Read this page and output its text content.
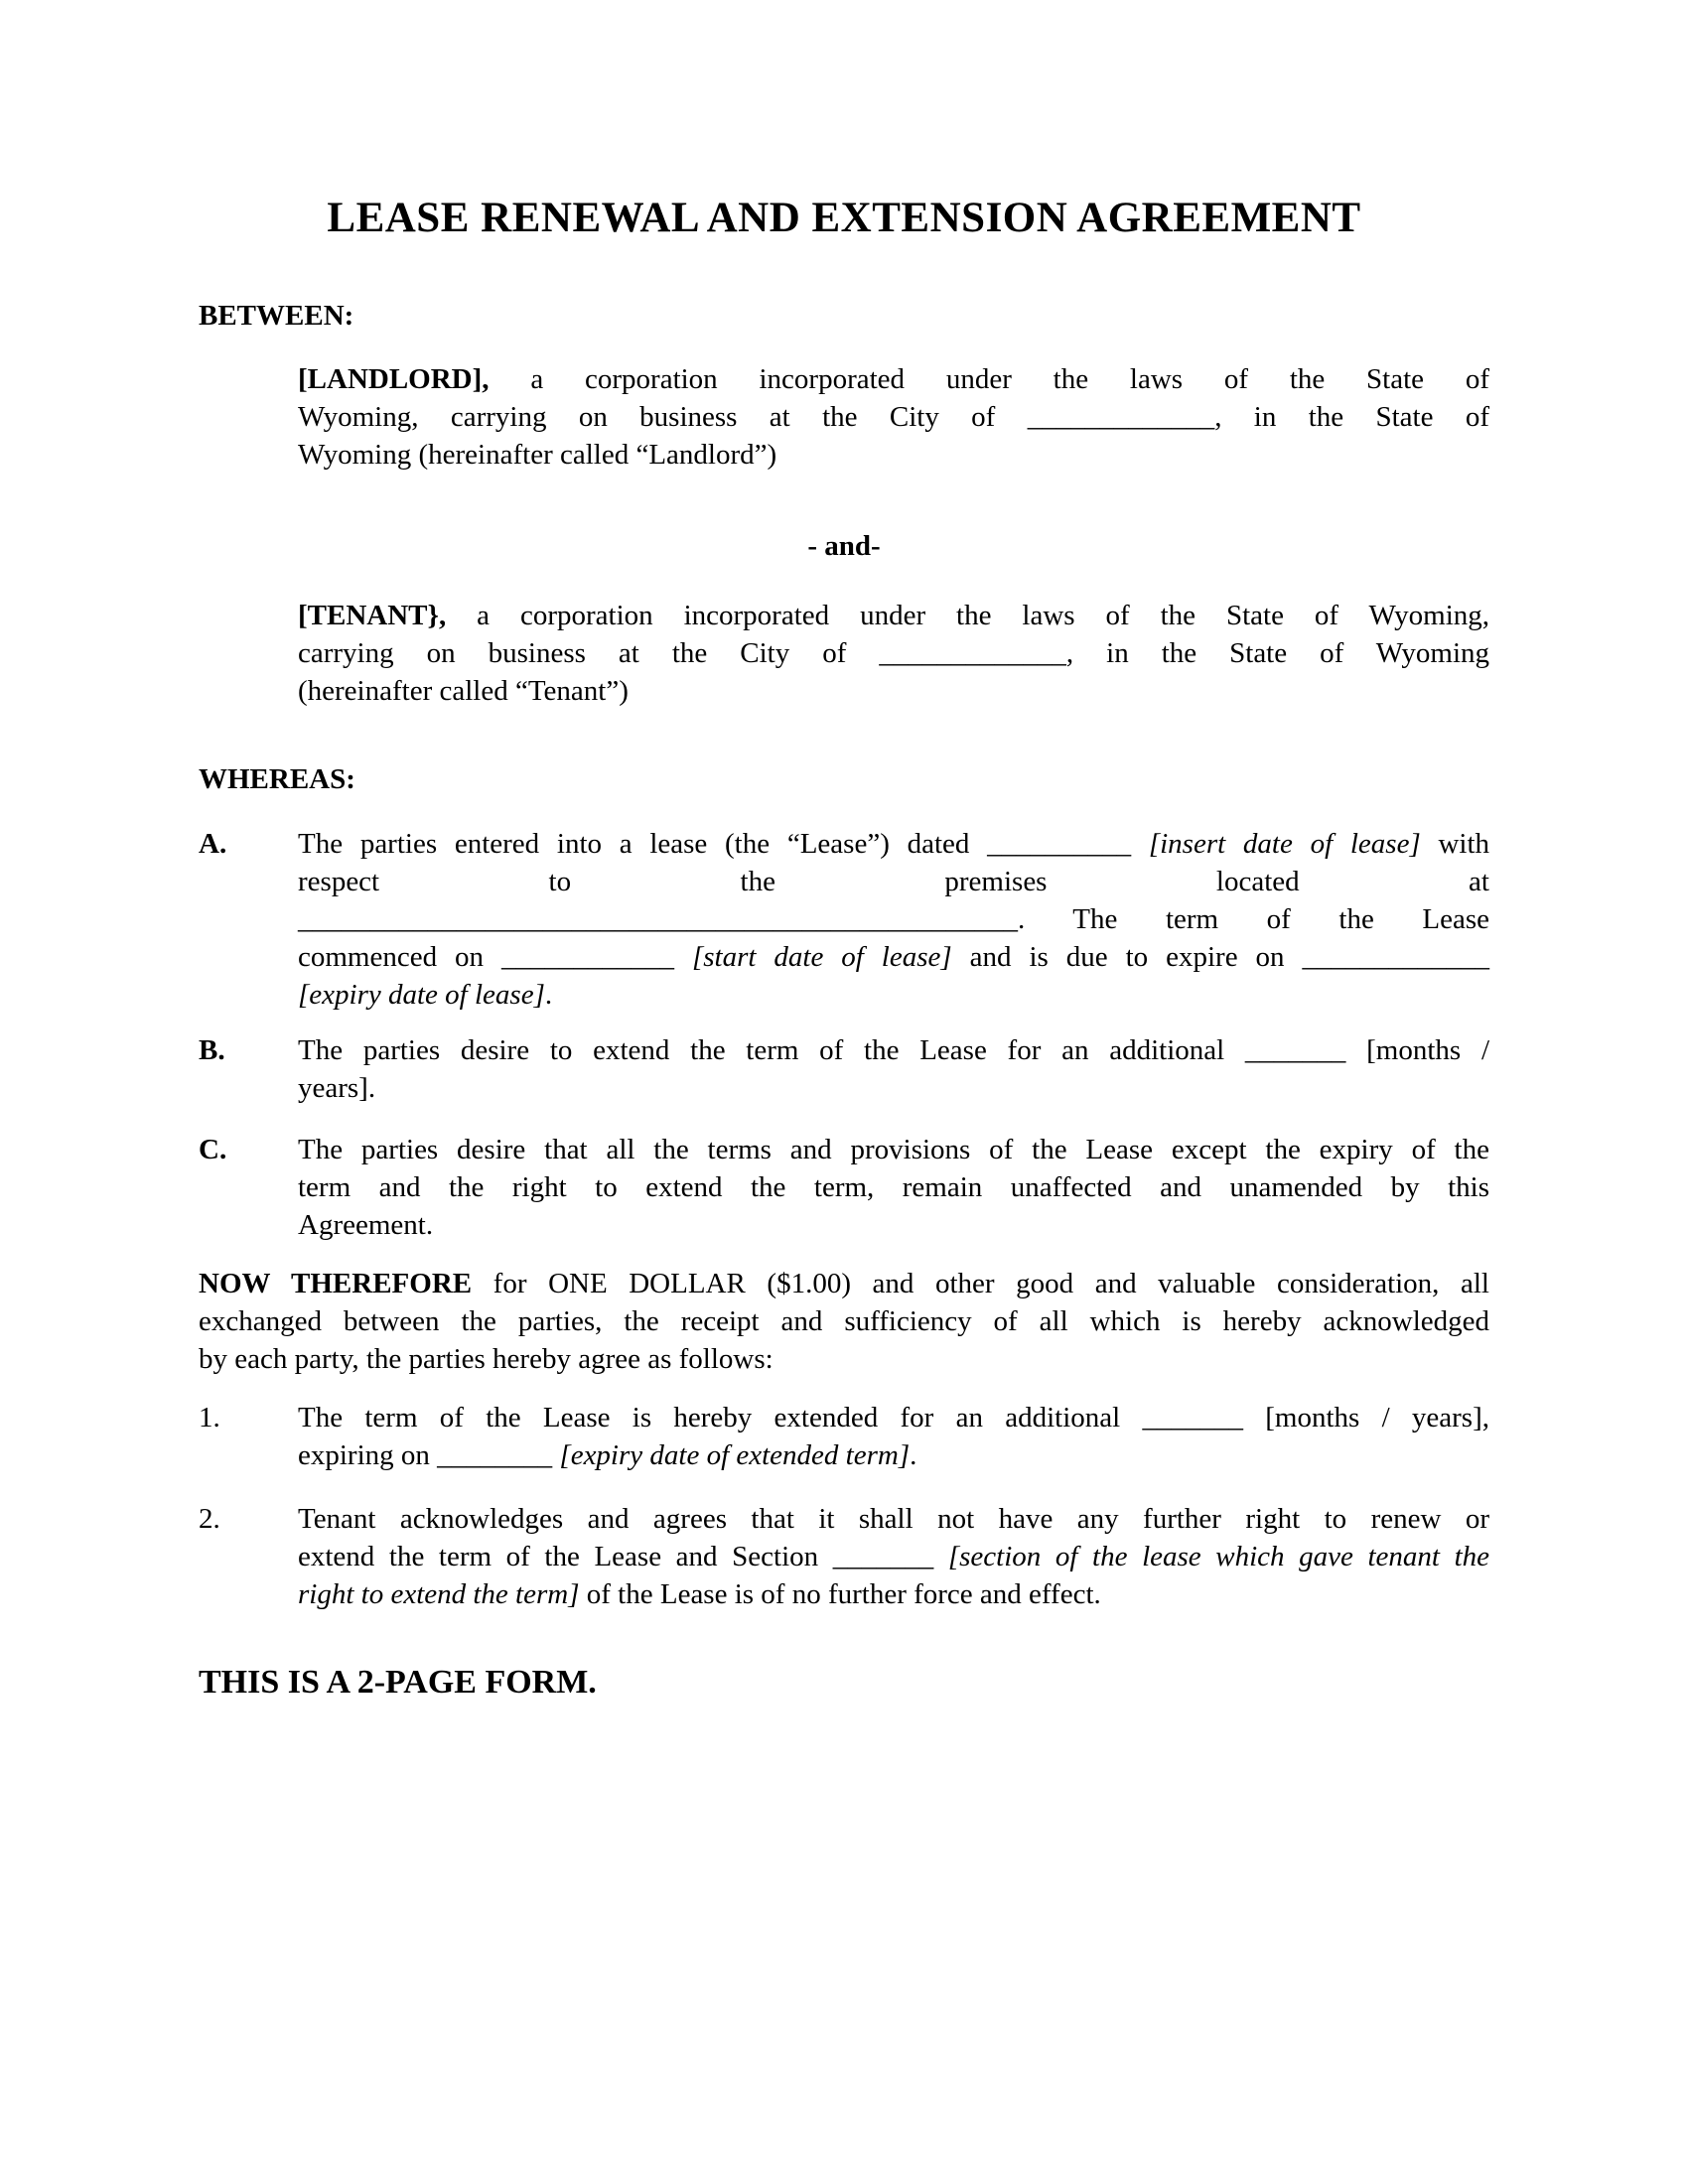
LEASE RENEWAL AND EXTENSION AGREEMENT
BETWEEN:
[LANDLORD], a corporation incorporated under the laws of the State of
Wyoming, carrying on business at the City of _____________, in the State of
Wyoming (hereinafter called “Landlord”)
- and-
[TENANT}, a corporation incorporated under the laws of the State of Wyoming,
carrying on business at the City of _____________, in the State of Wyoming
(hereinafter called “Tenant”)
WHEREAS:
A.	The parties entered into a lease (the “Lease”) dated __________ [insert date of lease] with
respect to the premises located at
__________________________________________________. The term of the Lease
commenced on ____________ [start date of lease] and is due to expire on _____________
[expiry date of lease].
B.	The parties desire to extend the term of the Lease for an additional _______ [months /
years].
C.	The parties desire that all the terms and provisions of the Lease except the expiry of the
term and the right to extend the term, remain unaffected and unamended by this
Agreement.
NOW THEREFORE for ONE DOLLAR ($1.00) and other good and valuable consideration, all
exchanged between the parties, the receipt and sufficiency of all which is hereby acknowledged
by each party, the parties hereby agree as follows:
1.	The term of the Lease is hereby extended for an additional _______ [months / years],
expiring on ________ [expiry date of extended term].
2.	Tenant acknowledges and agrees that it shall not have any further right to renew or
extend the term of the Lease and Section _______ [section of the lease which gave tenant the
right to extend the term] of the Lease is of no further force and effect.
THIS IS A 2-PAGE FORM.
